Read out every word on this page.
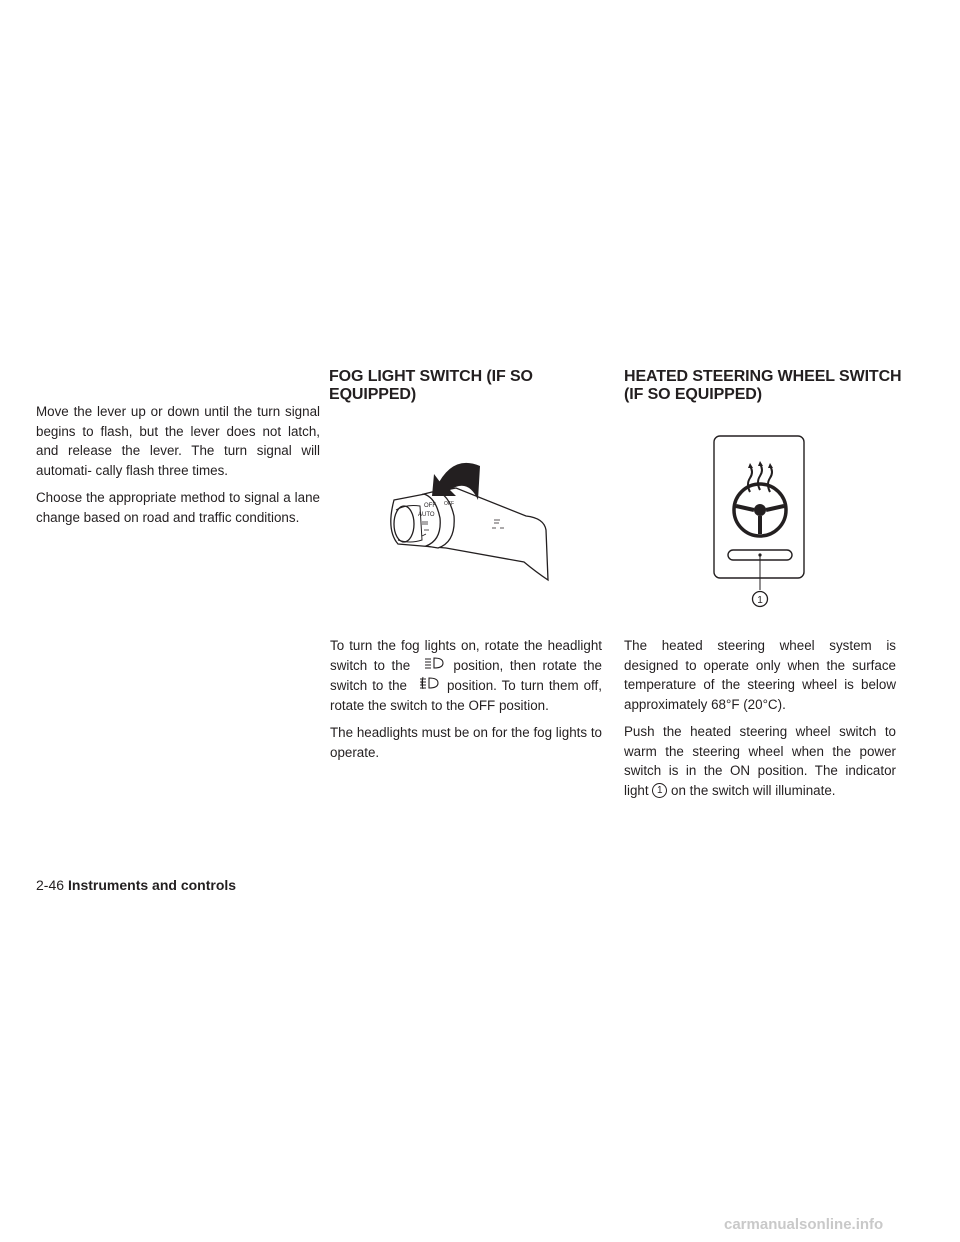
Move the lever up or down until the turn signal begins to flash, but the lever does not latch, and release the lever. The turn signal will automati- cally flash three times.

Choose the appropriate method to signal a lane change based on road and traffic conditions.

FOG LIGHT SWITCH (IF SO EQUIPPED)
OFF
AUTO
OFF

To turn the fog lights on, rotate the headlight switch to the	position, then rotate the switch to the	position. To turn them off, rotate the switch to the OFF position.

The headlights must be on for the fog lights to operate.

HEATED STEERING WHEEL SWITCH (IF SO EQUIPPED)
1

The heated steering wheel system is designed to operate only when the surface temperature of the steering wheel is below approximately 68°F (20°C).

Push the heated steering wheel switch to warm the steering wheel when the power switch is in the ON position. The indicator light 1 on the switch will illuminate.

2-46 Instruments and controls
carmanualsonline.info
